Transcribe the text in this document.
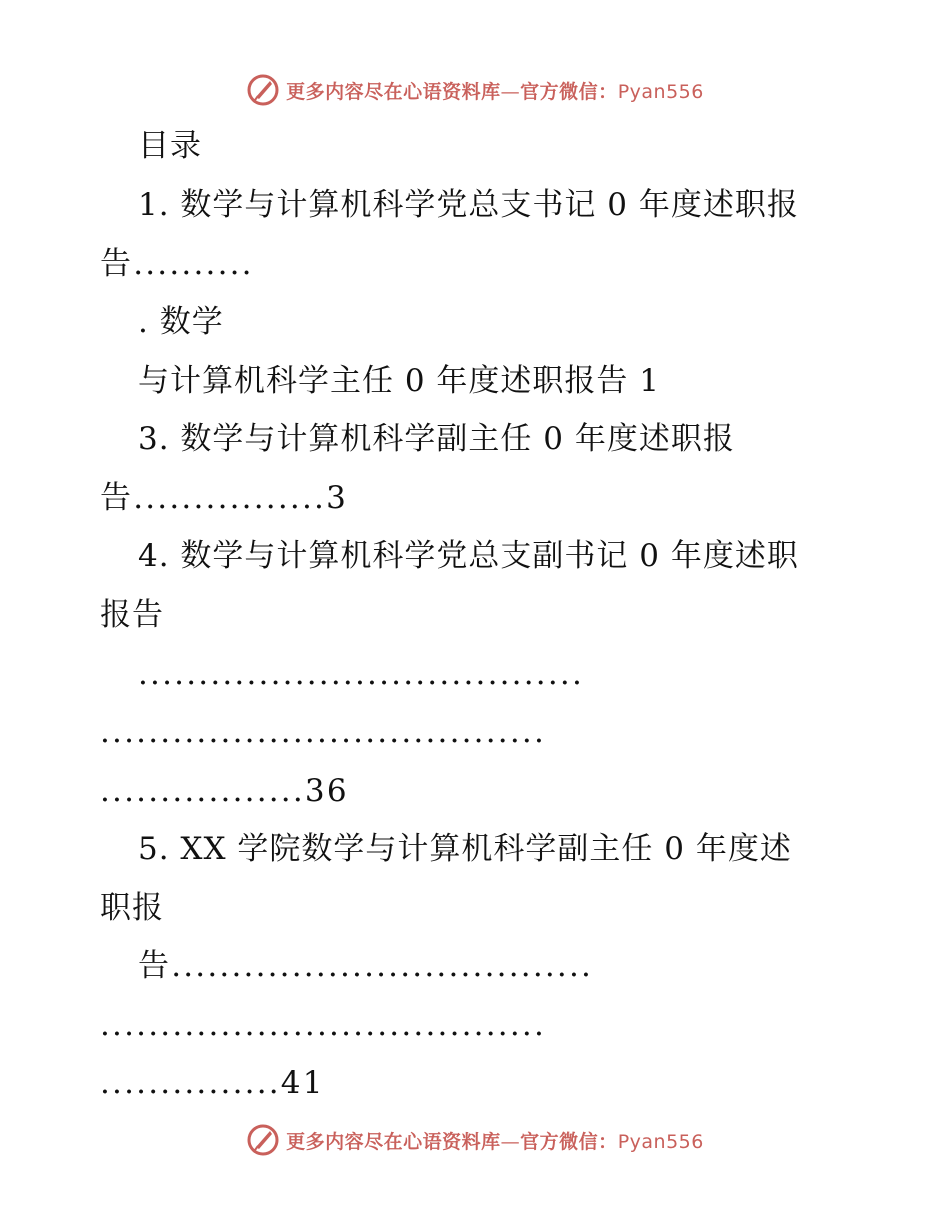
更多内容尽在心语资料库—官方微信：Pyan556
目录
1. 数学与计算机科学党总支书记 0 年度述职报
告..........
. 数学
与计算机科学主任 0 年度述职报告 1
3. 数学与计算机科学副主任 0 年度述职报
告................3
4. 数学与计算机科学党总支副书记 0 年度述职
报告
.....................................
.....................................
.................36
5. XX 学院数学与计算机科学副主任 0 年度述
职报
告...................................
.....................................
...............41
更多内容尽在心语资料库—官方微信：Pyan556
